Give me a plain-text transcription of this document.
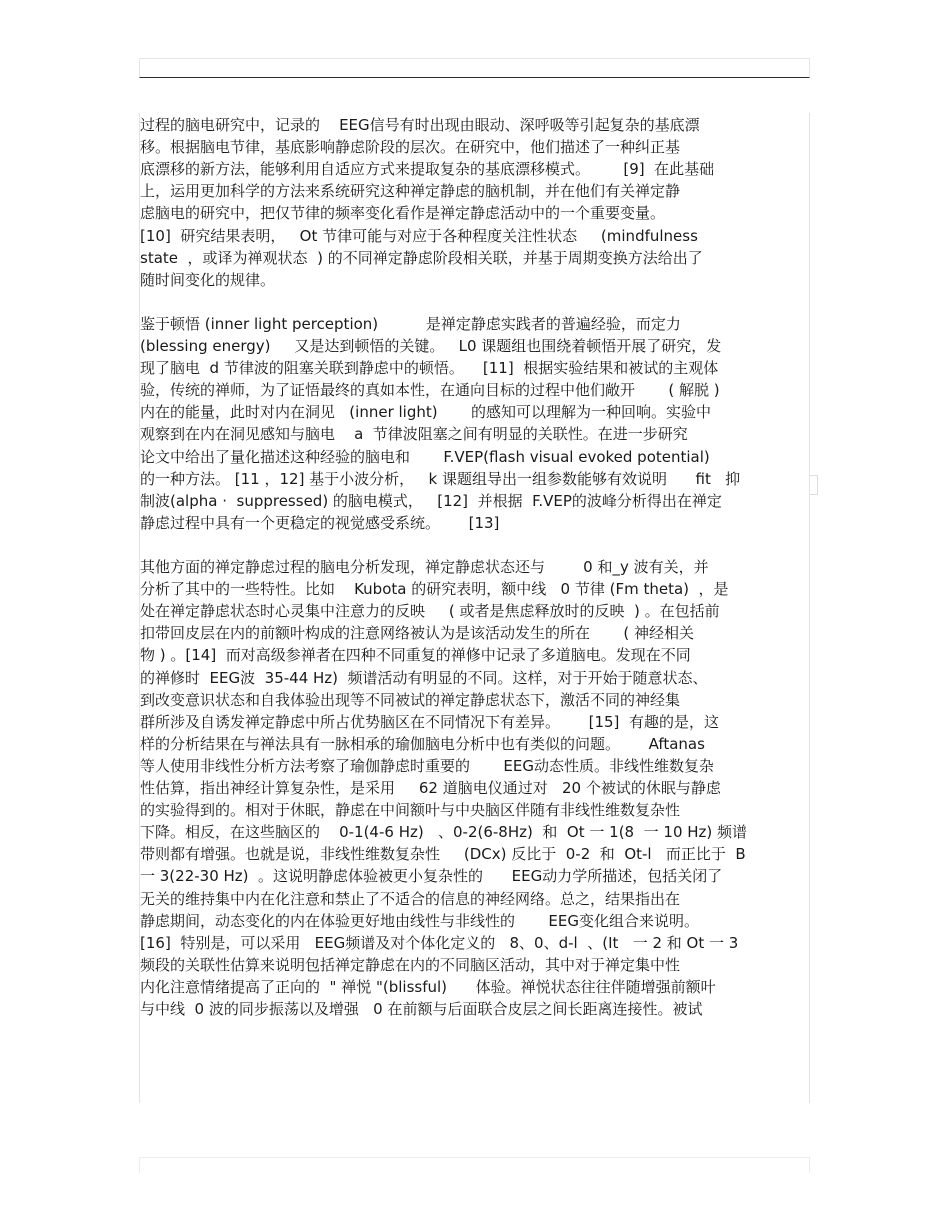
过程的脑电研究中，记录的    EEG信号有时出现由眼动、深呼吸等引起复杂的基底漂
移。根据脑电节律，基底影响静虑阶段的层次。在研究中，他们描述了一种纠正基
底漂移的新方法，能够利用自适应方式来提取复杂的基底漂移模式。       [9]  在此基础
上，运用更加科学的方法来系统研究这种禅定静虑的脑机制，并在他们有关禅定静
虑脑电的研究中，把仅节律的频率变化看作是禅定静虑活动中的一个重要变量。
[10]  研究结果表明，   Ot 节律可能与对应于各种程度关注性状态     (mindfulness
state  ，或译为禅观状态  ) 的不同禅定静虑阶段相关联，并基于周期变换方法给出了
随时间变化的规律。
鉴于顿悟 (inner light perception)          是禅定静虑实践者的普遍经验，而定力
(blessing energy)     又是达到顿悟的关键。   L0 课题组也围绕着顿悟开展了研究，发
现了脑电  d 节律波的阻塞关联到静虑中的顿悟。    [11]  根据实验结果和被试的主观体
验，传统的禅师，为了证悟最终的真如本性，在通向目标的过程中他们敞开       ( 解脱 )
内在的能量，此时对内在洞见   (inner light)       的感知可以理解为一种回响。实验中
观察到在内在洞见感知与脑电    a  节律波阻塞之间有明显的关联性。在进一步研究
论文中给出了量化描述这种经验的脑电和       F.VEP(flash visual evoked potential)
的一种方法。 [11 ，12] 基于小波分析，   k 课题组导出一组参数能够有效说明      fit   抑
制波(alpha ·  suppressed) 的脑电模式，   [12]  并根据  F.VEP的波峰分析得出在禅定
静虑过程中具有一个更稳定的视觉感受系统。      [13]
其他方面的禅定静虑过程的脑电分析发现，禅定静虑状态还与        0 和_y 波有关，并
分析了其中的一些特性。比如    Kubota 的研究表明，额中线   0 节律 (Fm theta)  ，是
处在禅定静虑状态时心灵集中注意力的反映     ( 或者是焦虑释放时的反映  ) 。在包括前
扣带回皮层在内的前额叶构成的注意网络被认为是该活动发生的所在       ( 神经相关
物 ) 。[14]  而对高级参禅者在四种不同重复的禅修中记录了多道脑电。发现在不同
的禅修时  EEG波  35-44 Hz)  频谱活动有明显的不同。这样，对于开始于随意状态、
到改变意识状态和自我体验出现等不同被试的禅定静虑状态下，激活不同的神经集
群所涉及自诱发禅定静虑中所占优势脑区在不同情况下有差异。      [15]  有趣的是，这
样的分析结果在与禅法具有一脉相承的瑜伽脑电分析中也有类似的问题。      Aftanas
等人使用非线性分析方法考察了瑜伽静虑时重要的       EEG动态性质。非线性维数复杂
性估算，指出神经计算复杂性，是采用     62 道脑电仪通过对   20 个被试的休眠与静虑
的实验得到的。相对于休眠，静虑在中间额叶与中央脑区伴随有非线性维数复杂性
下降。相反，在这些脑区的    0-1(4-6 Hz)   、0-2(6-8Hz)  和  Ot 一 1(8  一 10 Hz) 频谱
带则都有增强。也就是说，非线性维数复杂性     (DCx) 反比于  0-2  和  Ot-l   而正比于  B
一 3(22-30 Hz)  。这说明静虑体验被更小复杂性的      EEG动力学所描述，包括关闭了
无关的维持集中内在化注意和禁止了不适合的信息的神经网络。总之，结果指出在
静虑期间，动态变化的内在体验更好地由线性与非线性的       EEG变化组合来说明。
[16]  特别是，可以采用   EEG频谱及对个体化定义的   8、0、d-l  、(It   一 2 和 Ot 一 3
频段的关联性估算来说明包括禅定静虑在内的不同脑区活动，其中对于禅定集中性
内化注意情绪提高了正向的  " 禅悦 "(blissful)      体验。禅悦状态往往伴随增强前额叶
与中线  0 波的同步振荡以及增强   0 在前额与后面联合皮层之间长距离连接性。被试
